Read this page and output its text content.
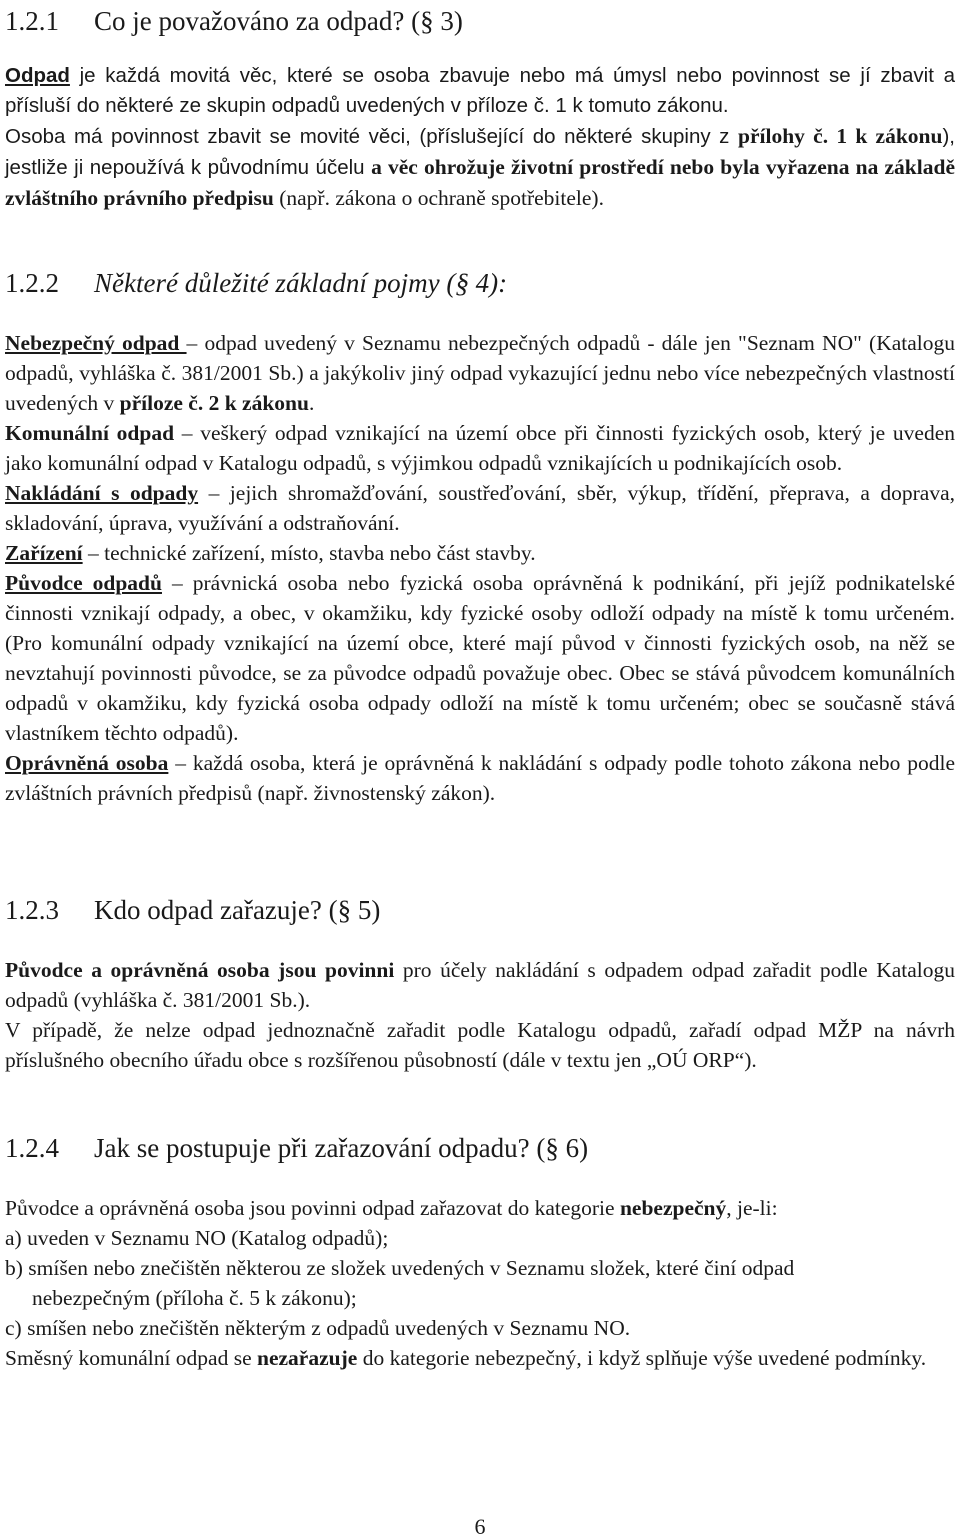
1.2.1	Co je považováno za odpad? (§ 3)

Odpad je každá movitá věc, které se osoba zbavuje nebo má úmysl nebo povinnost se jí zbavit a přísluší do některé ze skupin odpadů uvedených v příloze č. 1 k tomuto zákonu.

Osoba má povinnost zbavit se movité věci, (příslušející do některé skupiny z přílohy č. 1 k zákonu), jestliže ji nepoužívá k původnímu účelu a věc ohrožuje životní prostředí nebo byla vyřazena na základě zvláštního právního předpisu (např. zákona o ochraně spotřebitele).

1.2.2	Některé důležité základní pojmy (§ 4):

Nebezpečný odpad – odpad uvedený v Seznamu nebezpečných odpadů - dále jen "Seznam NO" (Katalogu odpadů, vyhláška č. 381/2001 Sb.) a jakýkoliv jiný odpad vykazující jednu nebo více nebezpečných vlastností uvedených v příloze č. 2 k zákonu.

Komunální odpad – veškerý odpad vznikající na území obce při činnosti fyzických osob, který je uveden jako komunální odpad v Katalogu odpadů, s výjimkou odpadů vznikajících u podnikajících osob.

Nakládání s odpady – jejich shromažďování, soustřeďování, sběr, výkup, třídění, přeprava, a doprava, skladování, úprava, využívání a odstraňování.

Zařízení – technické zařízení, místo, stavba nebo část stavby.

Původce odpadů – právnická osoba nebo fyzická osoba oprávněná k podnikání, při jejíž podnikatelské činnosti vznikají odpady, a obec, v okamžiku, kdy fyzické osoby odloží odpady na místě k tomu určeném. (Pro komunální odpady vznikající na území obce, které mají původ v činnosti fyzických osob, na něž se nevztahují povinnosti původce, se za původce odpadů považuje obec. Obec se stává původcem komunálních odpadů v okamžiku, kdy fyzická osoba odpady odloží na místě k tomu určeném; obec se současně stává vlastníkem těchto odpadů).

Oprávněná osoba – každá osoba, která je oprávněná k nakládání s odpady podle tohoto zákona nebo podle zvláštních právních předpisů (např. živnostenský zákon).

1.2.3	Kdo odpad zařazuje? (§ 5)

Původce a oprávněná osoba jsou povinni pro účely nakládání s odpadem odpad zařadit podle Katalogu odpadů (vyhláška č. 381/2001 Sb.).

V případě, že nelze odpad jednoznačně zařadit podle Katalogu odpadů, zařadí odpad MŽP na návrh příslušného obecního úřadu obce s rozšířenou působností (dále v textu jen „OÚ ORP“).

1.2.4	Jak se postupuje při zařazování odpadu? (§ 6)

Původce a oprávněná osoba jsou povinni odpad zařazovat do kategorie nebezpečný, je-li:

a) uveden v Seznamu NO (Katalog odpadů);

b) smíšen nebo znečištěn některou ze složek uvedených v Seznamu složek, které činí odpad

nebezpečným (příloha č. 5 k zákonu);

c) smíšen nebo znečištěn některým z odpadů uvedených v Seznamu NO.

Směsný komunální odpad se nezařazuje do kategorie nebezpečný, i když splňuje výše uvedené podmínky.

6
